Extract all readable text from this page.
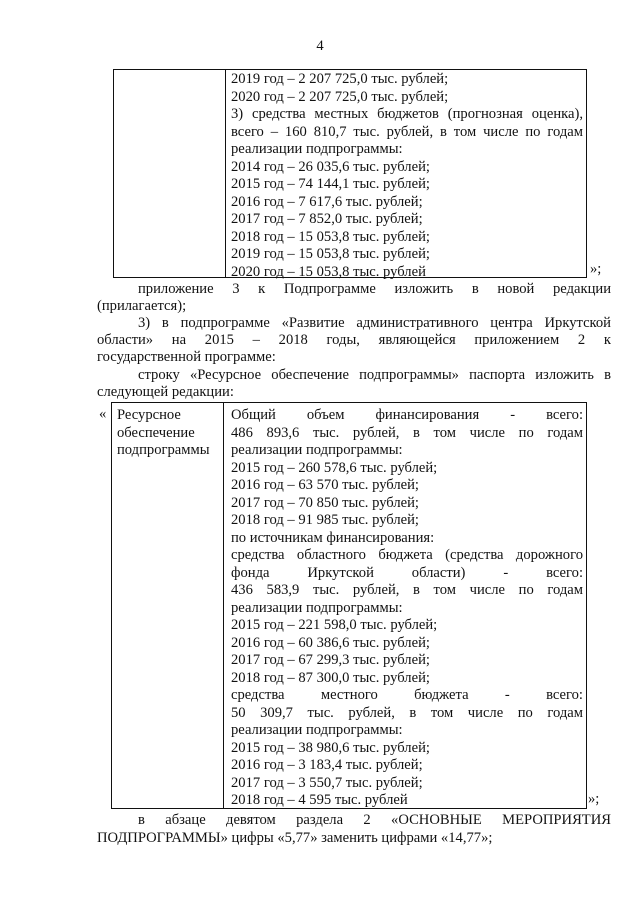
4
2019 год – 2 207 725,0 тыс. рублей;
2020 год – 2 207 725,0 тыс. рублей;
3) средства местных бюджетов (прогнозная оценка),
всего – 160 810,7 тыс. рублей, в том числе по годам
реализации подпрограммы:
2014 год – 26 035,6 тыс. рублей;
2015 год – 74 144,1 тыс. рублей;
2016 год – 7 617,6 тыс. рублей;
2017 год – 7 852,0 тыс. рублей;
2018 год – 15 053,8 тыс. рублей;
2019 год – 15 053,8 тыс. рублей;
2020 год – 15 053,8 тыс. рублей	»;
приложение 3 к Подпрограмме изложить в новой редакции
(прилагается);
3) в подпрограмме «Развитие административного центра Иркутской
области» на 2015 – 2018 годы, являющейся приложением 2 к
государственной программе:
строку «Ресурсное обеспечение подпрограммы» паспорта изложить в
следующей редакции:
« Ресурсное
обеспечение
подпрограммы
Общий объем финансирования - всего:
486 893,6 тыс. рублей, в том числе по годам
реализации подпрограммы:
2015 год – 260 578,6 тыс. рублей;
2016 год – 63 570 тыс. рублей;
2017 год – 70 850 тыс. рублей;
2018 год – 91 985 тыс. рублей;
по источникам финансирования:
средства областного бюджета (средства дорожного
фонда Иркутской области) - всего:
436 583,9 тыс. рублей, в том числе по годам
реализации подпрограммы:
2015 год – 221 598,0 тыс. рублей;
2016 год – 60 386,6 тыс. рублей;
2017 год – 67 299,3 тыс. рублей;
2018 год – 87 300,0 тыс. рублей;
средства местного бюджета - всего:
50 309,7 тыс. рублей, в том числе по годам
реализации подпрограммы:
2015 год – 38 980,6 тыс. рублей;
2016 год – 3 183,4 тыс. рублей;
2017 год – 3 550,7 тыс. рублей;
2018 год – 4 595 тыс. рублей	»;
в абзаце девятом раздела 2 «ОСНОВНЫЕ МЕРОПРИЯТИЯ
ПОДПРОГРАММЫ» цифры «5,77» заменить цифрами «14,77»;
